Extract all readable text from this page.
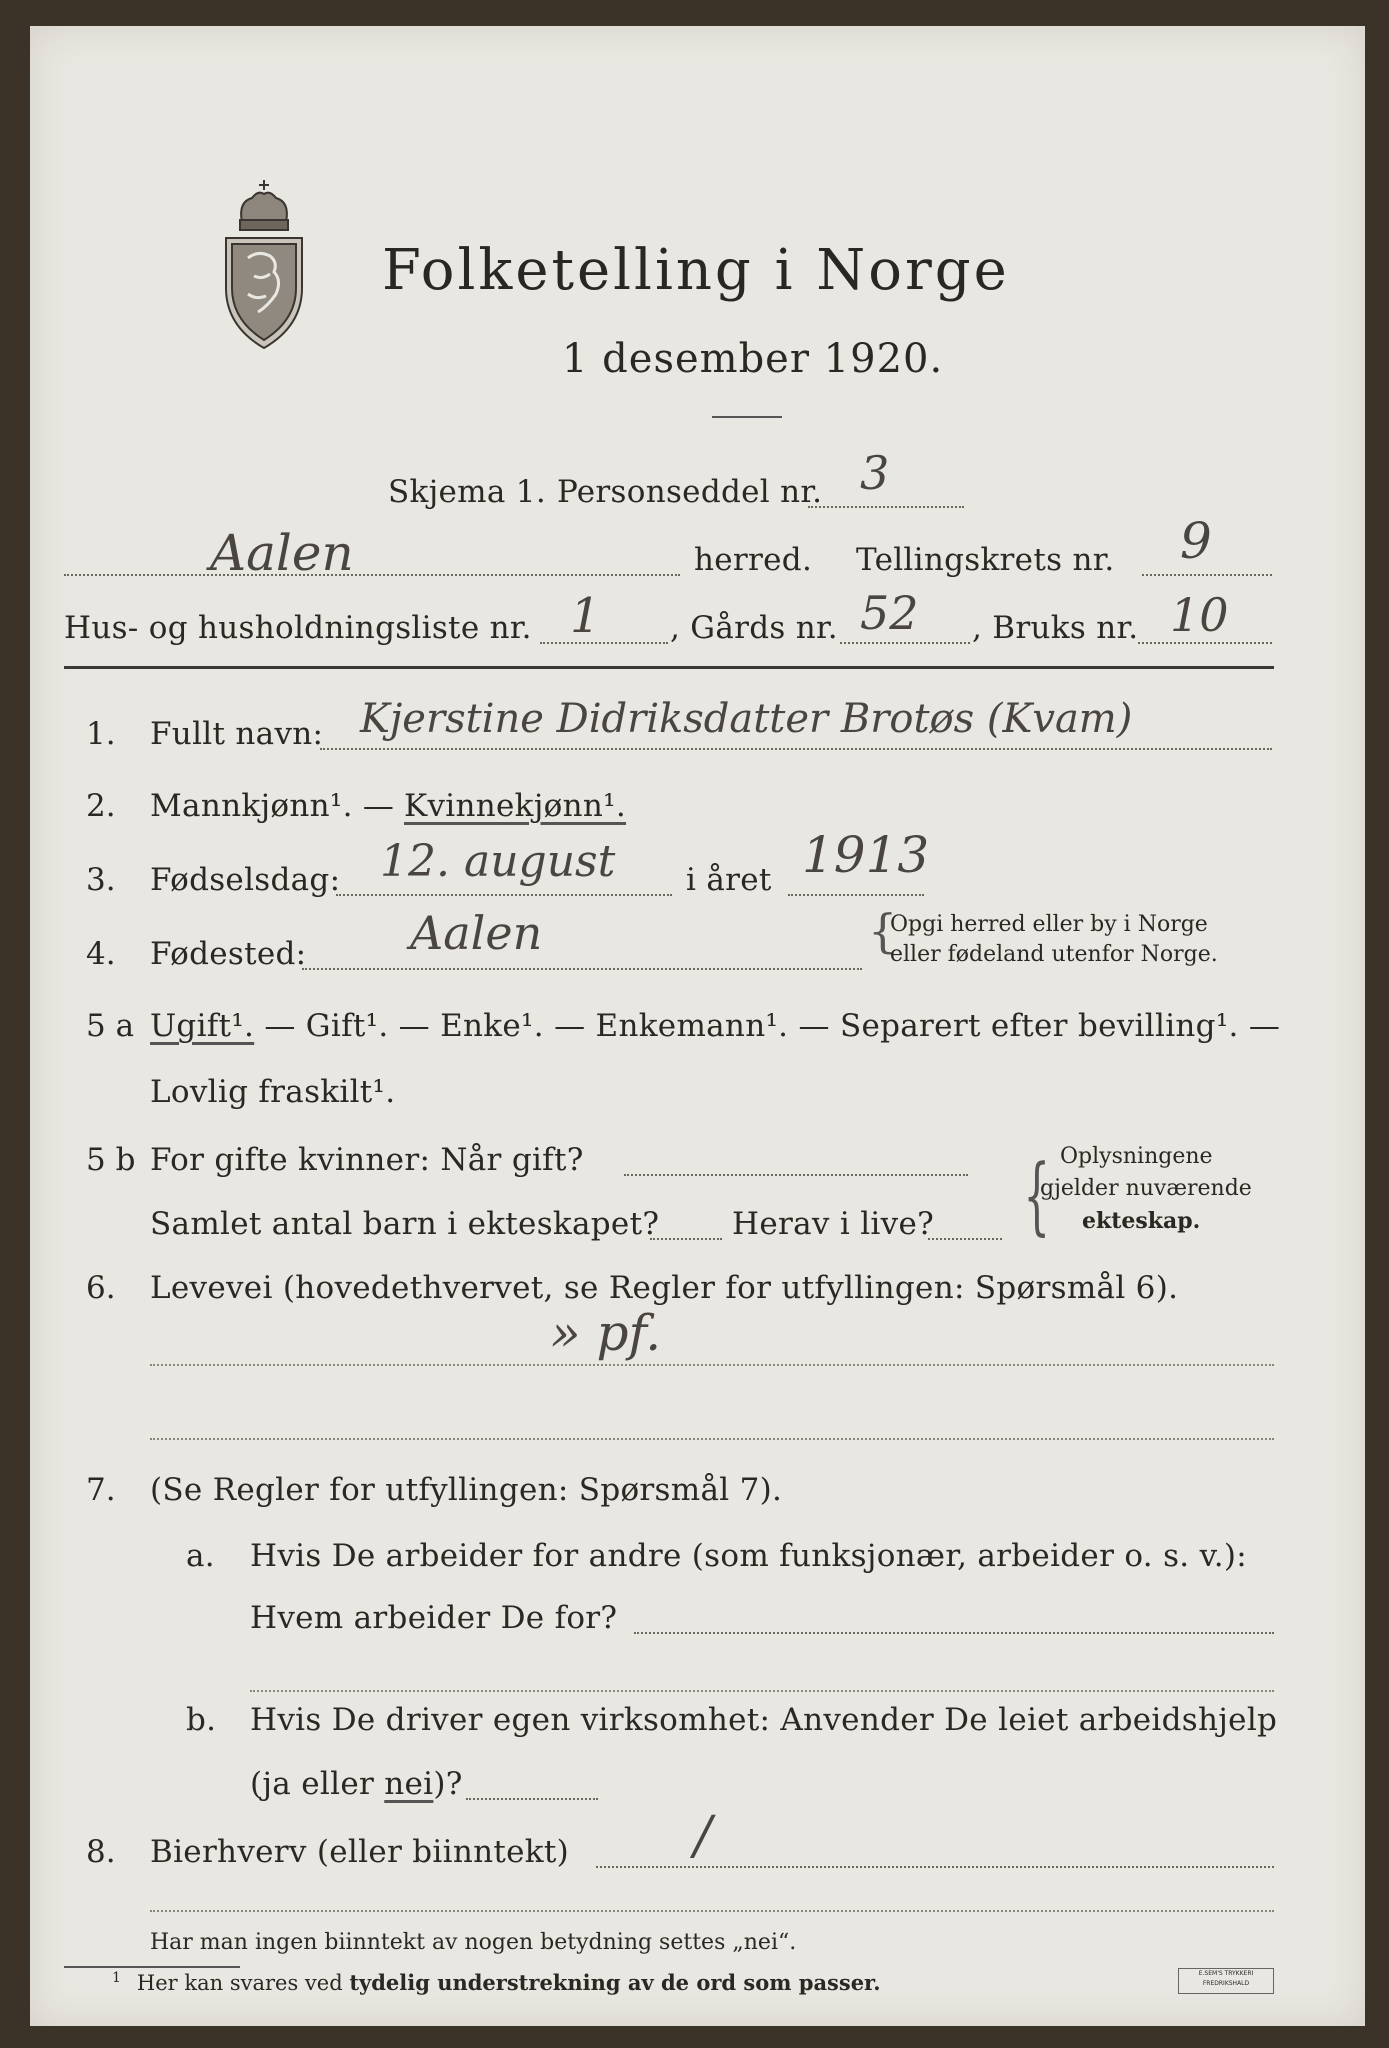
Folketelling i Norge
1 desember 1920.
Skjema 1. Personseddel nr. 3
Aalen	herred. Tellingskrets nr. 9
Hus- og husholdningsliste nr. 1 , Gårds nr. 52 , Bruks nr. 10
1. Fullt navn: Kjerstine Didriksdatter Brotøs (Kvam)
2. Mannkjønn¹. — Kvinnekjønn¹.
3. Fødselsdag: 12. august i året 1913
4. Fødested: Aalen	{
Opgi herred eller by i Norge
eller fødeland utenfor Norge.
5 a Ugift¹. — Gift¹. — Enke¹. — Enkemann¹. — Separert efter bevilling¹. —
Lovlig fraskilt¹.
5 b For gifte kvinner: Når gift?
Samlet antal barn i ekteskapet? Herav i live? { Oplysningene
gjelder nuværende
ekteskap.
6. Levevei (hovedethvervet, se Regler for utfyllingen: Spørsmål 6).
» pf.
7. (Se Regler for utfyllingen: Spørsmål 7).
a. Hvis De arbeider for andre (som funksjonær, arbeider o. s. v.):
Hvem arbeider De for?
b. Hvis De driver egen virksomhet: Anvender De leiet arbeidshjelp
(ja eller nei)?
8. Bierhverv (eller biinntekt) /
Har man ingen biinntekt av nogen betydning settes „nei“.
$^1$ Her kan svares ved tydelig understrekning av de ord som passer.	E.SEM'S TRYKKERI
FREDRIKSHALD
